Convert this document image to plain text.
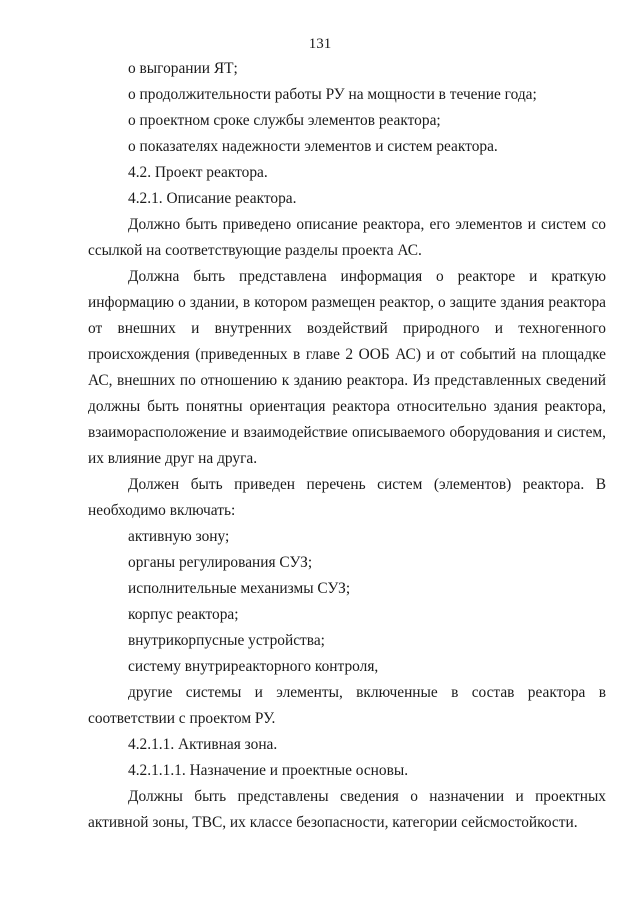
131
о выгорании ЯТ;
о продолжительности работы РУ на мощности в течение года;
о проектном сроке службы элементов реактора;
о показателях надежности элементов и систем реактора.
4.2. Проект реактора.
4.2.1. Описание реактора.
Должно быть приведено описание реактора, его элементов и систем со
ссылкой на соответствующие разделы проекта АС.
Должна быть представлена информация о реакторе и краткую
информацию о здании, в котором размещен реактор, о защите здания реактора
от внешних и внутренних воздействий природного и техногенного
происхождения (приведенных в главе 2 ООБ АС) и от событий на площадке
АС, внешних по отношению к зданию реактора. Из представленных сведений
должны быть понятны ориентация реактора относительно здания реактора,
взаиморасположение и взаимодействие описываемого оборудования и систем,
их влияние друг на друга.
Должен быть приведен перечень систем (элементов) реактора. В
необходимо включать:
активную зону;
органы регулирования СУЗ;
исполнительные механизмы СУЗ;
корпус реактора;
внутрикорпусные устройства;
систему внутриреакторного контроля,
другие системы и элементы, включенные в состав реактора в
соответствии с проектом РУ.
4.2.1.1. Активная зона.
4.2.1.1.1. Назначение и проектные основы.
Должны быть представлены сведения о назначении и проектных
активной зоны, ТВС, их классе безопасности, категории сейсмостойкости.
